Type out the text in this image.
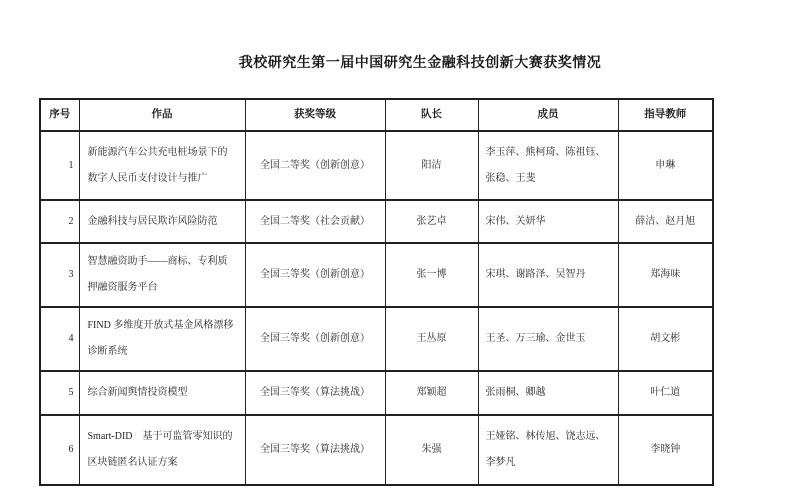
我校研究生第一届中国研究生金融科技创新大赛获奖情况
序号	作品	获奖等级	队长	成员	指导教师
1	新能源汽车公共充电桩场景下的数字人民币支付设计与推广	全国二等奖（创新创意）	阳洁	李玉萍、熊柯琦、陈祖钰、张稳、王斐	申琳
2	金融科技与居民欺诈风险防范	全国二等奖（社会贡献）	张艺卓	宋伟、关妍华	薛洁、赵月旭
3	智慧融资助手——商标、专利质押融资服务平台	全国三等奖（创新创意）	张一博	宋琪、谢路泽、吴智丹	郑海味
4	FIND 多维度开放式基金风格漂移诊断系统	全国三等奖（创新创意）	王丛原	王圣、万三瑜、金世玉	胡文彬
5	综合新闻舆情投资模型	全国三等奖（算法挑战）	郑颖超	张雨桐、卿越	叶仁道
6	Smart-DID　基于可监管零知识的区块链匿名认证方案	全国三等奖（算法挑战）	朱强	王娅铭、林传旭、饶志远、李梦凡	李晓钟
